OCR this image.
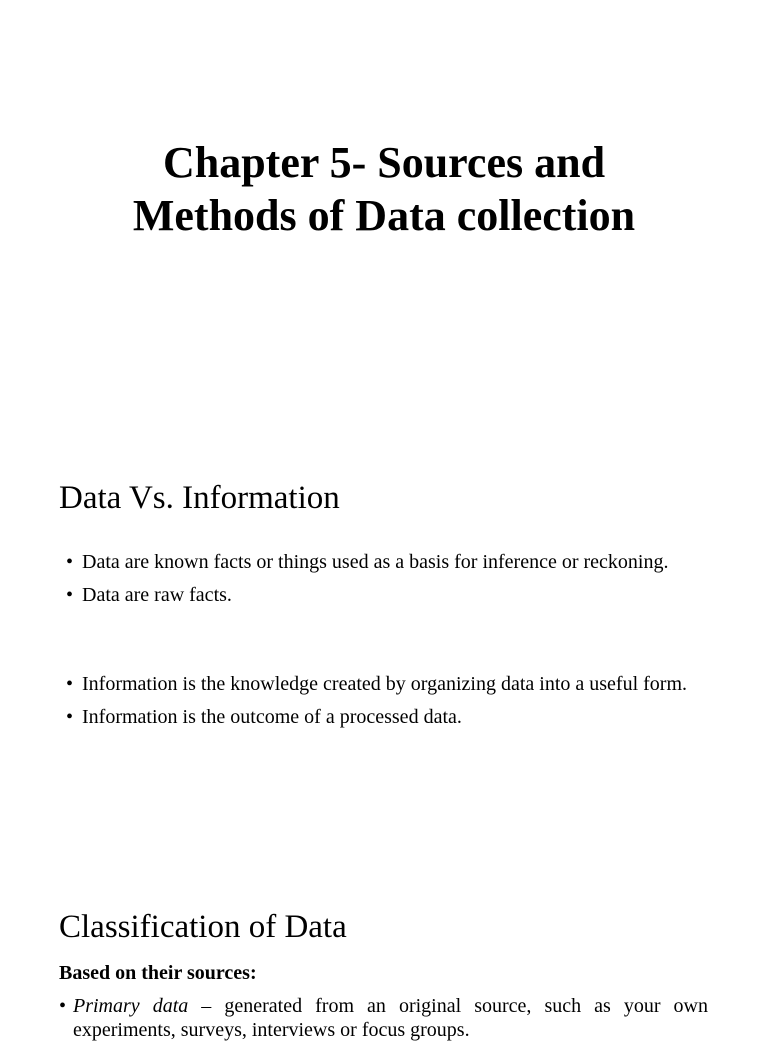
Chapter 5- Sources and
Methods of Data collection
Data Vs. Information
• Data are known facts or things used as a basis for inference or reckoning.
• Data are raw facts.
• Information is the knowledge created by organizing data into a useful form.
• Information is the outcome of a processed data.
Classification of Data

Based on their sources:

• Primary data – generated from an original source, such as your own experiments, surveys, interviews or focus groups.
